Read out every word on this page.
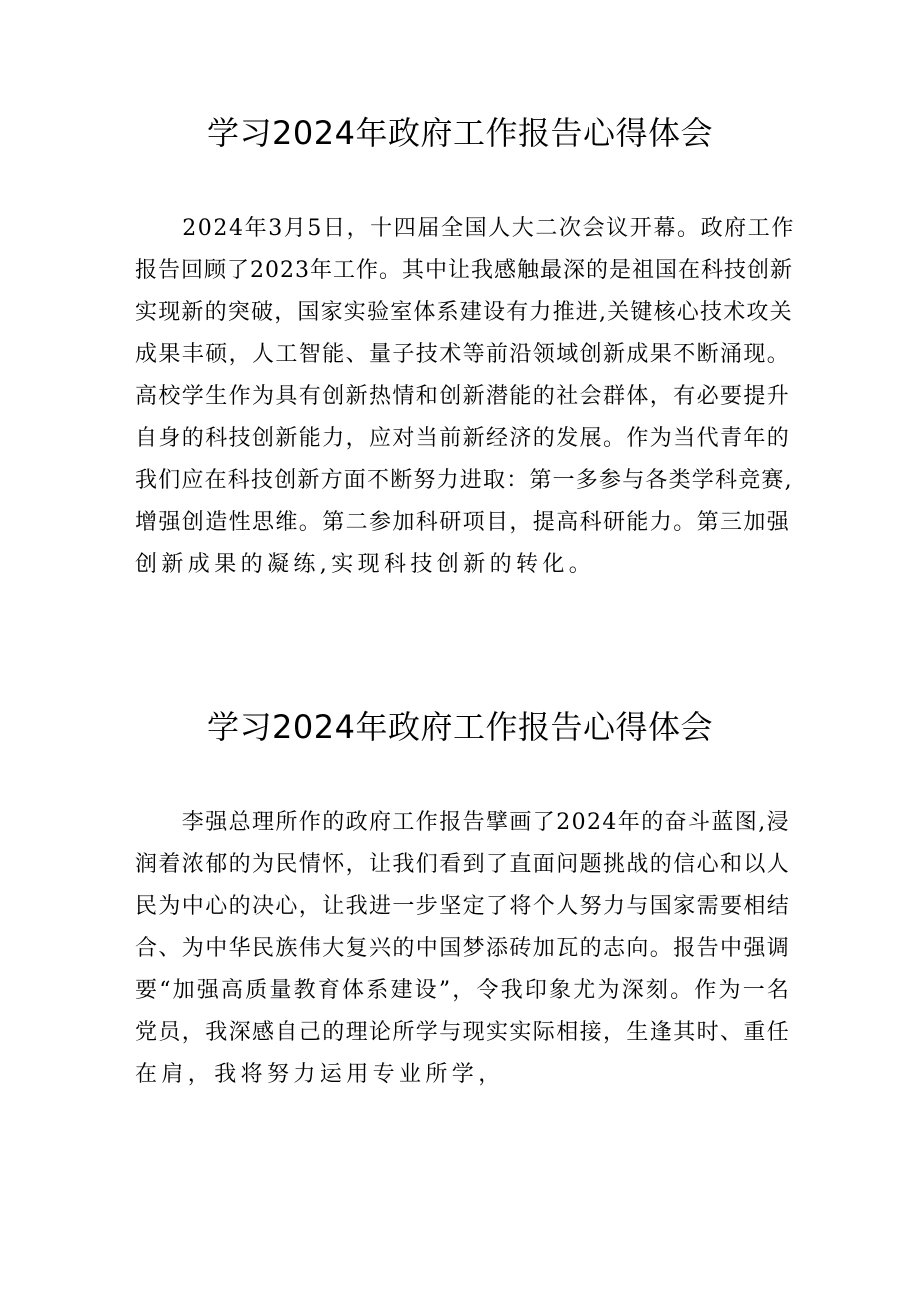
学习2024年政府工作报告心得体会
　　2024年3月5日，十四届全国人大二次会议开幕。政府工作
报告回顾了2023年工作。其中让我感触最深的是祖国在科技创新
实现新的突破，国家实验室体系建设有力推进,关键核心技术攻关
成果丰硕，人工智能、量子技术等前沿领域创新成果不断涌现。
高校学生作为具有创新热情和创新潜能的社会群体，有必要提升
自身的科技创新能力，应对当前新经济的发展。作为当代青年的
我们应在科技创新方面不断努力进取：第一多参与各类学科竞赛,
增强创造性思维。第二参加科研项目，提高科研能力。第三加强
创新成果的凝练,实现科技创新的转化。
学习2024年政府工作报告心得体会
　　李强总理所作的政府工作报告擘画了2024年的奋斗蓝图,浸
润着浓郁的为民情怀，让我们看到了直面问题挑战的信心和以人
民为中心的决心，让我进一步坚定了将个人努力与国家需要相结
合、为中华民族伟大复兴的中国梦添砖加瓦的志向。报告中强调
要“加强高质量教育体系建设”，令我印象尤为深刻。作为一名
党员，我深感自己的理论所学与现实实际相接，生逢其时、重任
在肩，我将努力运用专业所学，
